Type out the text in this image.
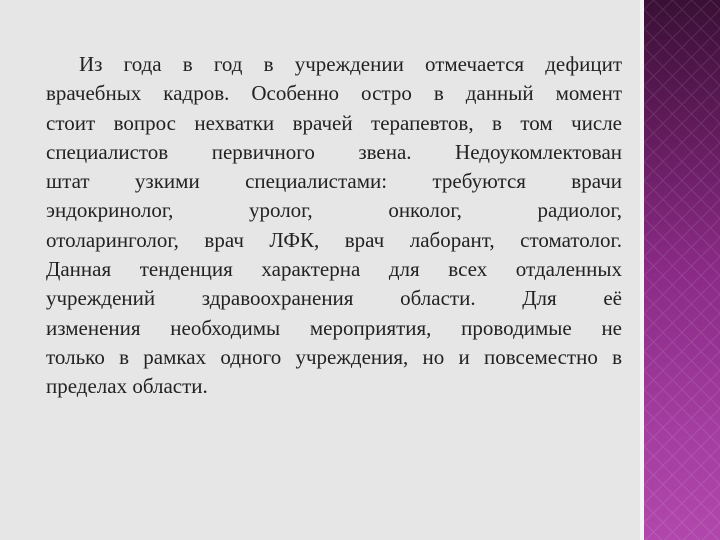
Из года в год в учреждении отмечается дефицит
врачебных кадров. Особенно остро в данный момент
стоит вопрос нехватки врачей терапевтов, в том числе
специалистов первичного звена. Недоукомлектован
штат узкими специалистами: требуются врачи
эндокринолог, уролог, онколог, радиолог,
отоларинголог, врач ЛФК, врач лаборант, стоматолог.
Данная тенденция характерна для всех отдаленных
учреждений здравоохранения области. Для её
изменения необходимы мероприятия, проводимые не
только в рамках одного учреждения, но и повсеместно в
пределах области.
